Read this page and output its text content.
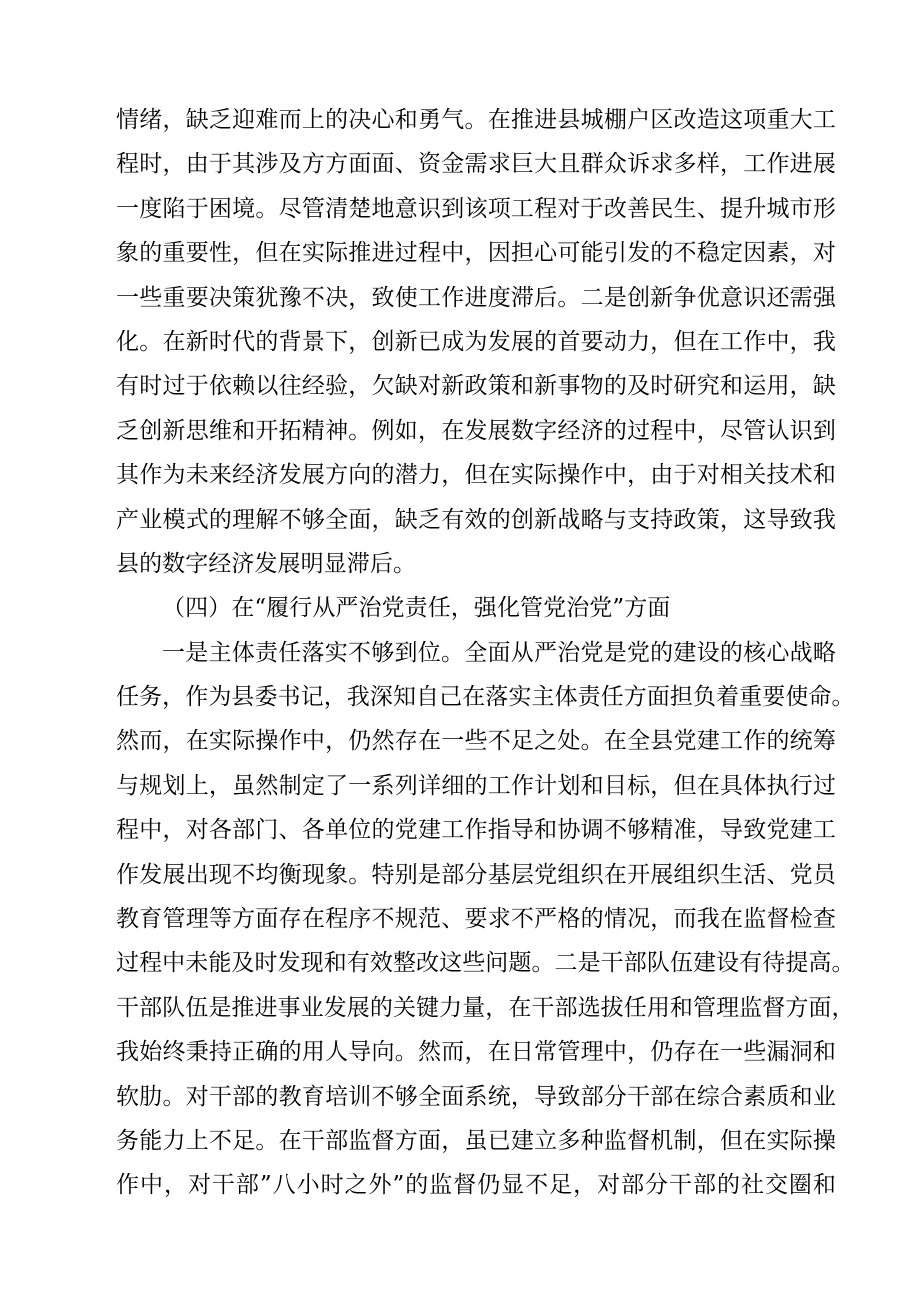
情绪，缺乏迎难而上的决心和勇气。在推进县城棚户区改造这项重大工
程时，由于其涉及方方面面、资金需求巨大且群众诉求多样，工作进展
一度陷于困境。尽管清楚地意识到该项工程对于改善民生、提升城市形
象的重要性，但在实际推进过程中，因担心可能引发的不稳定因素，对
一些重要决策犹豫不决，致使工作进度滞后。二是创新争优意识还需强
化。在新时代的背景下，创新已成为发展的首要动力，但在工作中，我
有时过于依赖以往经验，欠缺对新政策和新事物的及时研究和运用，缺
乏创新思维和开拓精神。例如，在发展数字经济的过程中，尽管认识到
其作为未来经济发展方向的潜力，但在实际操作中，由于对相关技术和
产业模式的理解不够全面，缺乏有效的创新战略与支持政策，这导致我
县的数字经济发展明显滞后。
（四）在“履行从严治党责任，强化管党治党”方面
一是主体责任落实不够到位。全面从严治党是党的建设的核心战略
任务，作为县委书记，我深知自己在落实主体责任方面担负着重要使命。
然而，在实际操作中，仍然存在一些不足之处。在全县党建工作的统筹
与规划上，虽然制定了一系列详细的工作计划和目标，但在具体执行过
程中，对各部门、各单位的党建工作指导和协调不够精准，导致党建工
作发展出现不均衡现象。特别是部分基层党组织在开展组织生活、党员
教育管理等方面存在程序不规范、要求不严格的情况，而我在监督检查
过程中未能及时发现和有效整改这些问题。二是干部队伍建设有待提高。
干部队伍是推进事业发展的关键力量，在干部选拔任用和管理监督方面，
我始终秉持正确的用人导向。然而，在日常管理中，仍存在一些漏洞和
软肋。对干部的教育培训不够全面系统，导致部分干部在综合素质和业
务能力上不足。在干部监督方面，虽已建立多种监督机制，但在实际操
作中，对干部”八小时之外”的监督仍显不足，对部分干部的社交圈和
